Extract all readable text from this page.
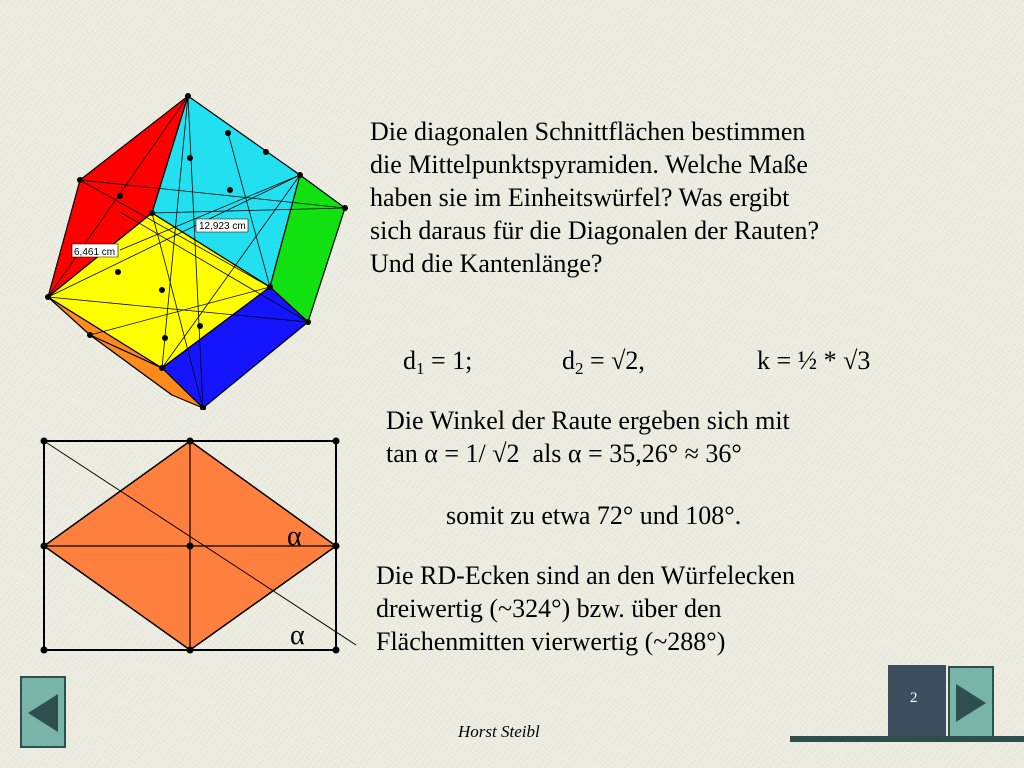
12,923 cm
6,461 cm
α
α
Die diagonalen Schnittflächen bestimmen
die Mittelpunktspyramiden. Welche Maße
haben sie im Einheitswürfel? Was ergibt
sich daraus für die Diagonalen der Rauten?
Und die Kantenlänge?
$d_1 = 1$;	$d_2 = √2$,	k = ½ * √3
Die Winkel der Raute ergeben sich mit
tan α = 1/ √2  als α = 35,26° ≈ 36°
somit zu etwa 72° und 108°.
Die RD-Ecken sind an den Würfelecken
dreiwertig (~324°) bzw. über den
Flächenmitten vierwertig (~288°)
2
Horst Steibl
